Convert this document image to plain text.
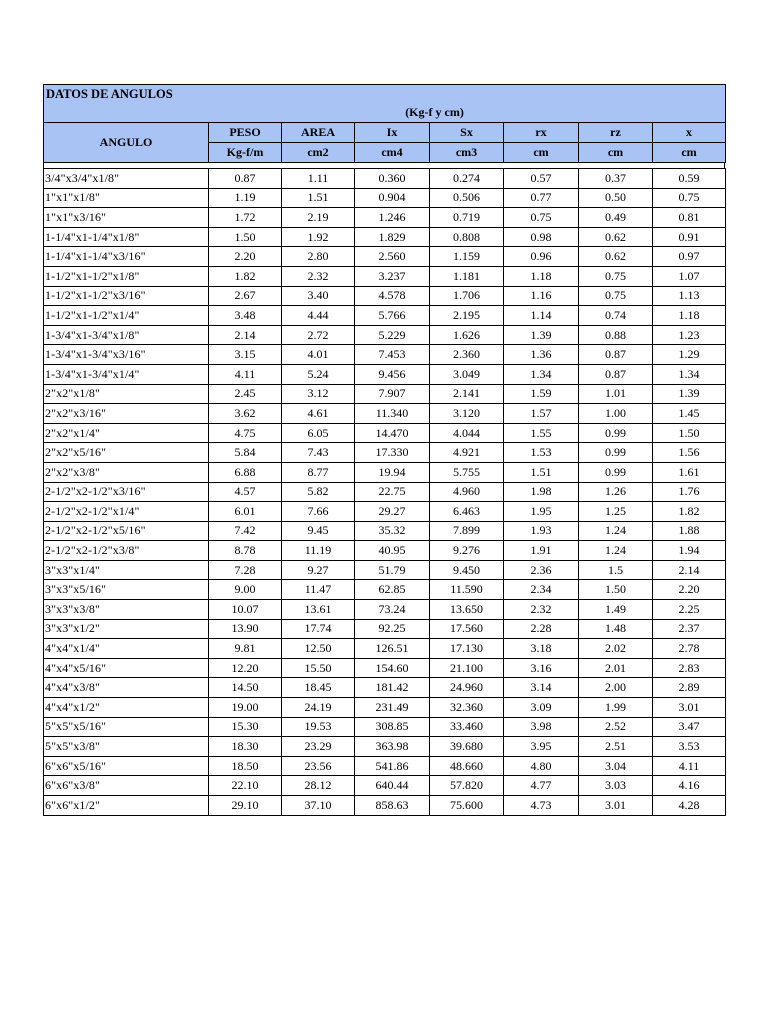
DATOS DE ANGULOS							
(Kg-f y cm)							
ANGULO	PESO	AREA	Ix	Sx	rx	rz	x
	Kg-f/m	cm2	cm4	cm3	cm	cm	cm
3/4"x3/4"x1/8"	0.87	1.11	0.360	0.274	0.57	0.37	0.59
1"x1"x1/8"	1.19	1.51	0.904	0.506	0.77	0.50	0.75
1"x1"x3/16"	1.72	2.19	1.246	0.719	0.75	0.49	0.81
1-1/4"x1-1/4"x1/8"	1.50	1.92	1.829	0.808	0.98	0.62	0.91
1-1/4"x1-1/4"x3/16"	2.20	2.80	2.560	1.159	0.96	0.62	0.97
1-1/2"x1-1/2"x1/8"	1.82	2.32	3.237	1.181	1.18	0.75	1.07
1-1/2"x1-1/2"x3/16"	2.67	3.40	4.578	1.706	1.16	0.75	1.13
1-1/2"x1-1/2"x1/4"	3.48	4.44	5.766	2.195	1.14	0.74	1.18
1-3/4"x1-3/4"x1/8"	2.14	2.72	5.229	1.626	1.39	0.88	1.23
1-3/4"x1-3/4"x3/16"	3.15	4.01	7.453	2.360	1.36	0.87	1.29
1-3/4"x1-3/4"x1/4"	4.11	5.24	9.456	3.049	1.34	0.87	1.34
2"x2"x1/8"	2.45	3.12	7.907	2.141	1.59	1.01	1.39
2"x2"x3/16"	3.62	4.61	11.340	3.120	1.57	1.00	1.45
2"x2"x1/4"	4.75	6.05	14.470	4.044	1.55	0.99	1.50
2"x2"x5/16"	5.84	7.43	17.330	4.921	1.53	0.99	1.56
2"x2"x3/8"	6.88	8.77	19.94	5.755	1.51	0.99	1.61
2-1/2"x2-1/2"x3/16"	4.57	5.82	22.75	4.960	1.98	1.26	1.76
2-1/2"x2-1/2"x1/4"	6.01	7.66	29.27	6.463	1.95	1.25	1.82
2-1/2"x2-1/2"x5/16"	7.42	9.45	35.32	7.899	1.93	1.24	1.88
2-1/2"x2-1/2"x3/8"	8.78	11.19	40.95	9.276	1.91	1.24	1.94
3"x3"x1/4"	7.28	9.27	51.79	9.450	2.36	1.5	2.14
3"x3"x5/16"	9.00	11.47	62.85	11.590	2.34	1.50	2.20
3"x3"x3/8"	10.07	13.61	73.24	13.650	2.32	1.49	2.25
3"x3"x1/2"	13.90	17.74	92.25	17.560	2.28	1.48	2.37
4"x4"x1/4"	9.81	12.50	126.51	17.130	3.18	2.02	2.78
4"x4"x5/16"	12.20	15.50	154.60	21.100	3.16	2.01	2.83
4"x4"x3/8"	14.50	18.45	181.42	24.960	3.14	2.00	2.89
4"x4"x1/2"	19.00	24.19	231.49	32.360	3.09	1.99	3.01
5"x5"x5/16"	15.30	19.53	308.85	33.460	3.98	2.52	3.47
5"x5"x3/8"	18.30	23.29	363.98	39.680	3.95	2.51	3.53
6"x6"x5/16"	18.50	23.56	541.86	48.660	4.80	3.04	4.11
6"x6"x3/8"	22.10	28.12	640.44	57.820	4.77	3.03	4.16
6"x6"x1/2"	29.10	37.10	858.63	75.600	4.73	3.01	4.28
